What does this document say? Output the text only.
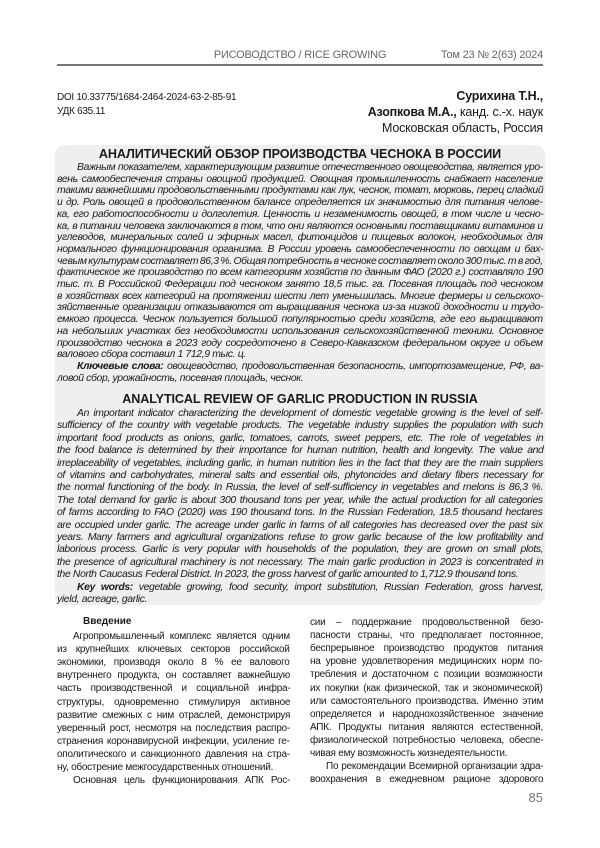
РИСОВОДСТВО / RICE GROWING	Том 23 № 2(63) 2024
DOI 10.33775/1684-2464-2024-63-2-85-91
УДК 635.11
Сурихина Т.Н.,
Азопкова М.А., канд. с.-х. наук
Московская область, Россия
АНАЛИТИЧЕСКИЙ ОБЗОР ПРОИЗВОДСТВА ЧЕСНОКА В РОССИИ
Важным показателем, характеризующим развитие отечественного овощеводства, является уро-
вень самообеспечения страны овощной продукцией. Овощная промышленность снабжает население
такими важнейшими продовольственными продуктами как лук, чеснок, томат, морковь, перец сладкий
и др. Роль овощей в продовольственном балансе определяется их значимостью для питания челове-
ка, его работоспособности и долголетия. Ценность и незаменимость овощей, в том числе и чесно-
ка, в питании человека заключаются в том, что они являются основными поставщиками витаминов и
углеводов, минеральных солей и эфирных масел, фитонцидов и пищевых волокон, необходимых для
нормального функционирования организма. В России уровень самообеспеченности по овощам и бах-
чевым культурам составляет 86,3 %. Общая потребность в чесноке составляет около 300 тыс. т в год,
фактическое же производство по всем категориям хозяйств по данным ФАО (2020 г.) составляло 190
тыс. т. В Российской Федерации под чесноком занято 18,5 тыс. га. Посевная площадь под чесноком
в хозяйствах всех категорий на протяжении шести лет уменьшилась. Многие фермеры и сельскохо-
зяйственные организации отказываются от выращивания чеснока из-за низкой доходности и трудо-
емкого процесса. Чеснок пользуется большой популярностью среди хозяйств, где его выращивают
на небольших участках без необходимости использования сельскохозяйственной техники. Основное
производство чеснока в 2023 году сосредоточено в Северо-Кавказском федеральном округе и объем
валового сбора составил 1 712,9 тыс. ц.
Ключевые слова: овощеводство, продовольственная безопасность, импортозамещение, РФ, ва-
ловой сбор, урожайность, посевная площадь, чеснок.
ANALYTICAL REVIEW OF GARLIC PRODUCTION IN RUSSIA
An important indicator characterizing the development of domestic vegetable growing is the level of self-
sufficiency of the country with vegetable products. The vegetable industry supplies the population with such
important food products as onions, garlic, tomatoes, carrots, sweet peppers, etc. The role of vegetables in
the food balance is determined by their importance for human nutrition, health and longevity. The value and
irreplaceability of vegetables, including garlic, in human nutrition lies in the fact that they are the main suppliers
of vitamins and carbohydrates, mineral salts and essential oils, phytoncides and dietary fibers necessary for
the normal functioning of the body. In Russia, the level of self-sufficiency in vegetables and melons is 86,3 %.
The total demand for garlic is about 300 thousand tons per year, while the actual production for all categories
of farms according to FAO (2020) was 190 thousand tons. In the Russian Federation, 18.5 thousand hectares
are occupied under garlic. The acreage under garlic in farms of all categories has decreased over the past six
years. Many farmers and agricultural organizations refuse to grow garlic because of the low profitability and
laborious process. Garlic is very popular with households of the population, they are grown on small plots,
the presence of agricultural machinery is not necessary. The main garlic production in 2023 is concentrated in
the North Caucasus Federal District. In 2023, the gross harvest of garlic amounted to 1,712.9 thousand tons.
Key words: vegetable growing, food security, import substitution, Russian Federation, gross harvest,
yield, acreage, garlic.
Введение
Агропромышленный комплекс является одним
из крупнейших ключевых секторов российской
экономики, производя около 8 % ее валового
внутреннего продукта, он составляет важнейшую
часть производственной и социальной инфра-
структуры, одновременно стимулируя активное
развитие смежных с ним отраслей, демонстрируя
уверенный рост, несмотря на последствия распро-
странения коронавирусной инфекции, усиление ге-
ополитического и санкционного давления на стра-
ну, обострение межгосударственных отношений.
Основная цель функционирования АПК Рос-
сии – поддержание продовольственной безо-
пасности страны, что предполагает постоянное,
беспрерывное производство продуктов питания
на уровне удовлетворения медицинских норм по-
требления и достаточном с позиции возможности
их покупки (как физической, так и экономической)
или самостоятельного производства. Именно этим
определяется и народнохозяйственное значение
АПК. Продукты питания являются естественной,
физиологической потребностью человека, обеспе-
чивая ему возможность жизнедеятельности.
По рекомендации Всемирной организации здра-
воохранения в ежедневном рационе здорового
85
